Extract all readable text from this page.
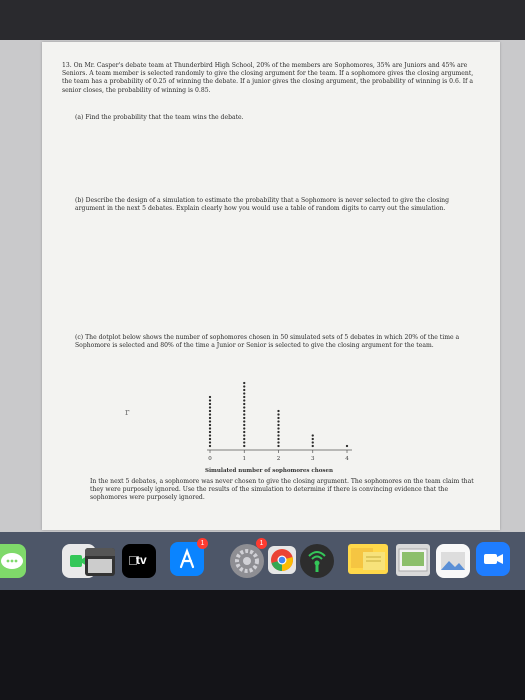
13. On Mr. Casper's debate team at Thunderbird High School, 20% of the members are Sophomores, 35% are Juniors and 45% are Seniors. A team member is selected randomly to give the closing argument for the team. If a sophomore gives the closing argument, the team has a probability of 0.25 of winning the debate. If a junior gives the closing argument, the probability of winning is 0.6. If a senior closes, the probability of winning is 0.85.

(a) Find the probability that the team wins the debate.

(b) Describe the design of a simulation to estimate the probability that a Sophomore is never selected to give the closing argument in the next 5 debates. Explain clearly how you would use a table of random digits to carry out the simulation.

(c) The dotplot below shows the number of sophomores chosen in 50 simulated sets of 5 debates in which 20% of the time a Sophomore is selected and 80% of the time a Junior or Senior is selected to give the closing argument for the team.

r
0	1	2	3	4
Simulated number of sophomores chosen

In the next 5 debates, a sophomore was never chosen to give the closing argument. The sophomores on the team claim that they were purposely ignored. Use the results of the simulation to determine if there is convincing evidence that the sophomores were purposely ignored.

tv
1	1
